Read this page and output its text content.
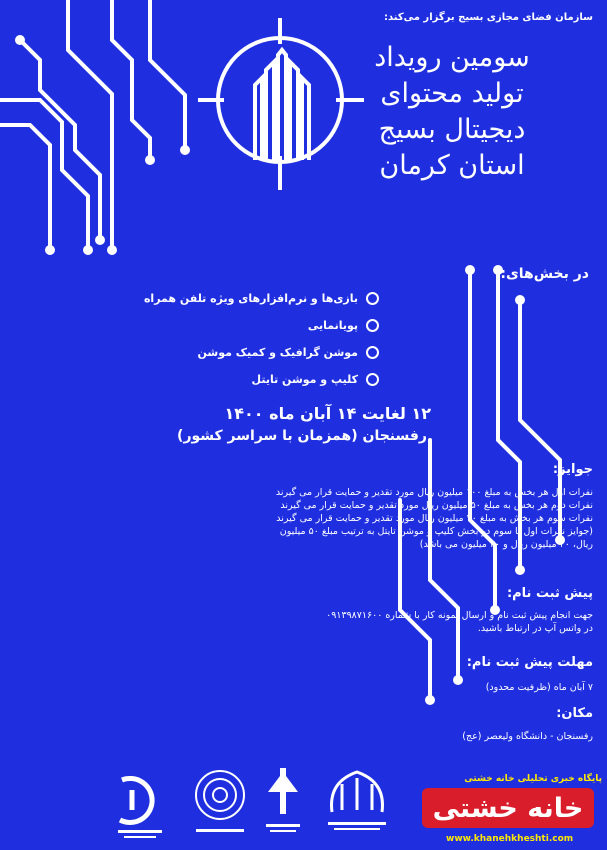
سازمان فضای مجازی بسیج برگزار می‌کند:
سومین رویداد
تولید محتوای
دیجیتال بسیج
استان کرمان
در بخش‌های:
بازی‌ها و نرم‌افزارهای ویژه تلفن همراه
پویانمایی
موشن گرافیک و کمیک موشن
کلیپ و موشن تایتل
۱۲ لغایت ۱۴ آبان ماه ۱۴۰۰
رفسنجان (همزمان با سراسر کشور)
جوایز:
نفرات اول هر بخش به مبلغ ۱۰۰ میلیون ریال مورد تقدیر و حمایت قرار می گیرند
نفرات دوم هر بخش به مبلغ ۵۰ میلیون ریال مورد تقدیر و حمایت قرار می گیرند
نفرات سوم هر بخش به مبلغ ۳۰ میلیون ریال مورد تقدیر و حمایت قرار می گیرند
(جوایز نفرات اول تا سوم در بخش کلیپ و موشن تایتل به ترتیب مبلغ ۵۰ میلیون
ریال، ۳۰ میلیون ریال و ۲۰ میلیون می باشد)
پیش ثبت نام:
جهت انجام پیش ثبت نام و ارسال نمونه کار با شماره ۰۹۱۳۹۸۷۱۶۰۰
در واتس آپ در ارتباط باشید.
مهلت پیش ثبت نام:
۷ آبان ماه (ظرفیت محدود)
مکان:
رفسنجان - دانشگاه ولیعصر (عج)
پایگاه خبری تحلیلی خانه خشتی
خانه خشتی
www.khanehkheshti.com
